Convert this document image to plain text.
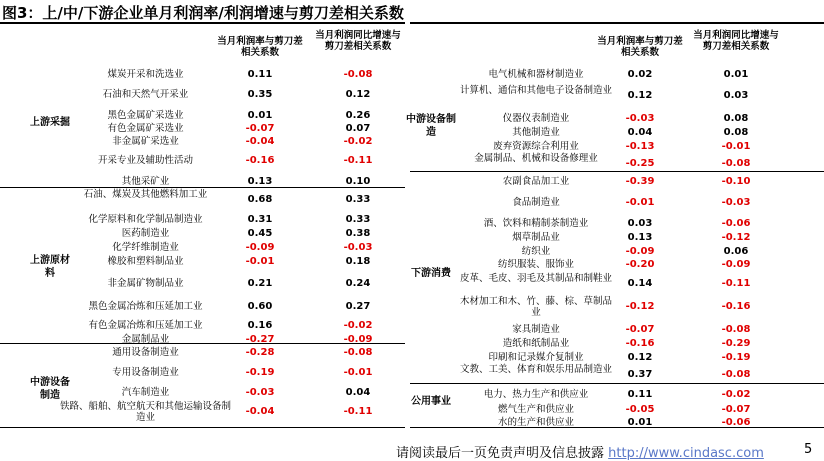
图3：上/中/下游企业单月利润率/利润增速与剪刀差相关系数
当月利润率与剪刀差相关系数
当月利润同比增速与剪刀差相关系数	当月利润率与剪刀差相关系数
当月利润同比增速与剪刀差相关系数
煤炭开采和洗选业	0.11	-0.08
石油和天然气开采业	0.35	0.12
黑色金属矿采选业	0.01	0.26
有色金属矿采选业	-0.07	0.07
非金属矿采选业	-0.04	-0.02
开采专业及辅助性活动	-0.16	-0.11
其他采矿业	0.13	0.10
上游采掘
石油、煤炭及其他燃料加工业	0.68	0.33
化学原料和化学制品制造业	0.31	0.33
医药制造业	0.45	0.38
化学纤维制造业	-0.09	-0.03
橡胶和塑料制品业	-0.01	0.18
非金属矿物制品业	0.21	0.24
黑色金属冶炼和压延加工业	0.60	0.27
有色金属冶炼和压延加工业	0.16	-0.02
金属制品业	-0.27	-0.09
上游原材料
通用设备制造业	-0.28	-0.08
专用设备制造业	-0.19	-0.01
汽车制造业	-0.03	0.04
铁路、船舶、航空航天和其他运输设备制造业
-0.04	-0.11
中游设备制造
电气机械和器材制造业	0.02	0.01
计算机、通信和其他电子设备制造业	0.12	0.03
仪器仪表制造业	-0.03	0.08
其他制造业	0.04	0.08
废弃资源综合利用业	-0.13	-0.01
金属制品、机械和设备修理业	-0.25	-0.08
中游设备制造
农副食品加工业	-0.39	-0.10
食品制造业	-0.01	-0.03
酒、饮料和精制茶制造业	0.03	-0.06
烟草制品业	0.13	-0.12
纺织业	-0.09	0.06
纺织服装、服饰业	-0.20	-0.09
皮革、毛皮、羽毛及其制品和制鞋业	0.14	-0.11
木材加工和木、竹、藤、棕、草制品业
-0.12	-0.16
家具制造业	-0.07	-0.08
造纸和纸制品业	-0.16	-0.29
印刷和记录媒介复制业	0.12	-0.19
文教、工美、体育和娱乐用品制造业	0.37	-0.08
下游消费
电力、热力生产和供应业	0.11	-0.02
燃气生产和供应业	-0.05	-0.07
水的生产和供应业	0.01	-0.06
公用事业
请阅读最后一页免责声明及信息披露 http://www.cindasc.com	5
